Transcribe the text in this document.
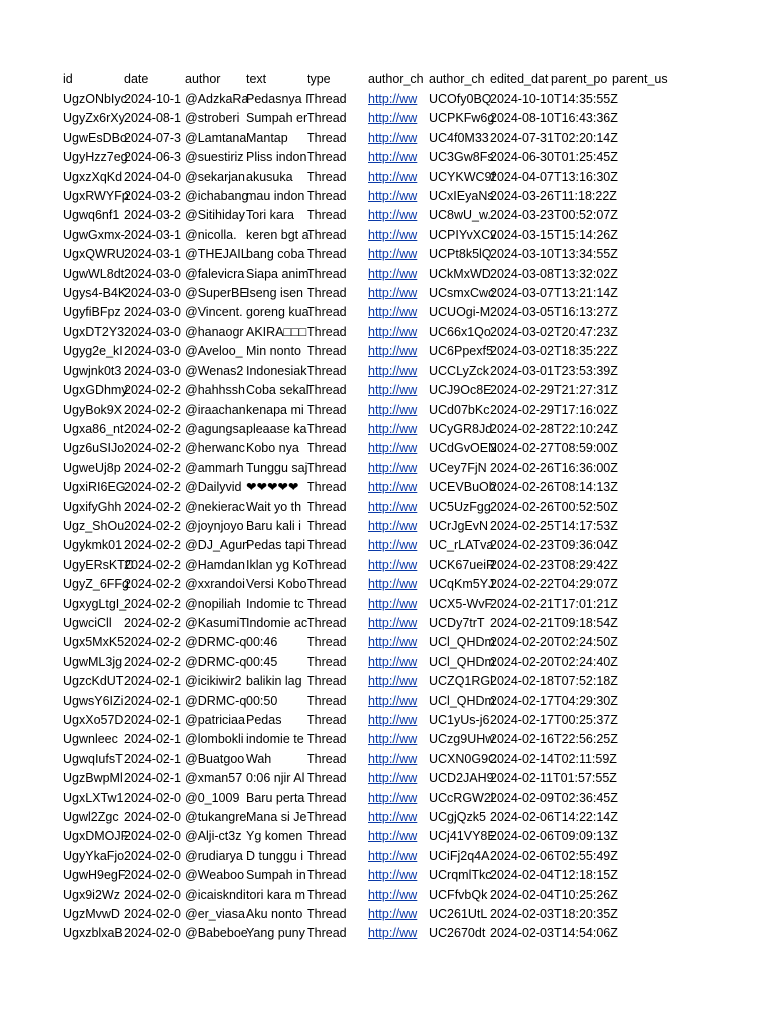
id	date	author	text	type	author_ch	author_ch	edited_dat	parent_po	parent_us
UgzONbIyc	2024-10-1	@AdzkaRa	Pedasnya I	Thread	http://ww	UCOfy0BQ	2024-10-10T14:35:55Z		
UgyZx6rXy	2024-08-1	@stroberi	Sumpah er	Thread	http://ww	UCPKFw6g	2024-08-10T16:43:36Z		
UgwEsDBo	2024-07-3	@Lamtana	Mantap	Thread	http://ww	UC4f0M33	2024-07-31T02:20:14Z		
UgyHzz7eg	2024-06-3	@suestiriz	Pliss indon	Thread	http://ww	UC3Gw8Fs	2024-06-30T01:25:45Z		
UgxzXqKd	2024-04-0	@sekarjan	akusuka	Thread	http://ww	UCYKWC9f	2024-04-07T13:16:30Z		
UgxRWYFp	2024-03-2	@ichabang	mau indon	Thread	http://ww	UCxIEyaNs	2024-03-26T11:18:22Z		
Ugwq6nf1	2024-03-2	@Sitihiday	Tori kara	Thread	http://ww	UC8wU_w.	2024-03-23T00:52:07Z		
UgwGxmx-	2024-03-1	@nicolla.	keren bgt a	Thread	http://ww	UCPIYvXCv	2024-03-15T15:14:26Z		
UgxQWRU	2024-03-1	@THEJAIL	bang coba	Thread	http://ww	UCPt8k5lQ	2024-03-10T13:34:55Z		
UgwWL8dt	2024-03-0	@falevicra	Siapa anim	Thread	http://ww	UCkMxWD	2024-03-08T13:32:02Z		
Ugys4-B4K	2024-03-0	@SuperBE	Iseng isen	Thread	http://ww	UCsmxCwc	2024-03-07T13:21:14Z		
UgyfiBFpz	2024-03-0	@Vincent.	goreng kua	Thread	http://ww	UCUOgi-M	2024-03-05T16:13:27Z		
UgxDT2Y3	2024-03-0	@hanaogr	AKIRA□□□	Thread	http://ww	UC66x1Qo	2024-03-02T20:47:23Z		
Ugyg2e_kI	2024-03-0	@Aveloo_	Min nonto	Thread	http://ww	UC6Ppexf5	2024-03-02T18:35:22Z		
Ugwjnk0t3	2024-03-0	@Wenas2	Indonesiak	Thread	http://ww	UCCLyZck	2024-03-01T23:53:39Z		
UgxGDhmy	2024-02-2	@hahhssh	Coba sekal	Thread	http://ww	UCJ9Oc8E	2024-02-29T21:27:31Z		
UgyBok9X	2024-02-2	@iraachan	kenapa mi	Thread	http://ww	UCd07bKc	2024-02-29T17:16:02Z		
Ugxa86_nt	2024-02-2	@agungsa	pleaase ka	Thread	http://ww	UCyGR8Jd	2024-02-28T22:10:24Z		
Ugz6uSIJo	2024-02-2	@herwanc	Kobo nya	Thread	http://ww	UCdGvOEN	2024-02-27T08:59:00Z		
UgweUj8p	2024-02-2	@ammarh	Tunggu saj	Thread	http://ww	UCey7FjN	2024-02-26T16:36:00Z		
UgxiRI6EG	2024-02-2	@Dailyvid	❤❤❤❤❤	Thread	http://ww	UCEVBuOh	2024-02-26T08:14:13Z		
UgxifyGhh	2024-02-2	@nekierac	Wait yo th	Thread	http://ww	UC5UzFgg	2024-02-26T00:52:50Z		
Ugz_ShOu	2024-02-2	@joynjoyo	Baru kali i	Thread	http://ww	UCrJgEvN	2024-02-25T14:17:53Z		
Ugykmk01	2024-02-2	@DJ_Agun	Pedas tapi	Thread	http://ww	UC_rLATva	2024-02-23T09:36:04Z		
UgyERsKTC	2024-02-2	@Hamdan	Iklan yg Ko	Thread	http://ww	UCK67ueiR	2024-02-23T08:29:42Z		
UgyZ_6FFg	2024-02-2	@xxrandoi	Versi Kobo	Thread	http://ww	UCqKm5YJ	2024-02-22T04:29:07Z		
UgxygLtgI_	2024-02-2	@nopiliah	Indomie tc	Thread	http://ww	UCX5-WvF	2024-02-21T17:01:21Z		
UgwciCll	2024-02-2	@KasumiT	Indomie ac	Thread	http://ww	UCDy7trT	2024-02-21T09:18:54Z		
Ugx5MxK5	2024-02-2	@DRMC-q	00:46	Thread	http://ww	UCl_QHDm	2024-02-20T02:24:50Z		
UgwML3jg	2024-02-2	@DRMC-q	00:45	Thread	http://ww	UCl_QHDm	2024-02-20T02:24:40Z		
UgzcKdUT	2024-02-1	@icikiwir2	balikin lag	Thread	http://ww	UCZQ1RGl	2024-02-18T07:52:18Z		
UgwsY6IZi	2024-02-1	@DRMC-q	00:50	Thread	http://ww	UCl_QHDm	2024-02-17T04:29:30Z		
UgxXo57D	2024-02-1	@patriciaa	Pedas	Thread	http://ww	UC1yUs-j6	2024-02-17T00:25:37Z		
Ugwnleec	2024-02-1	@lombokli	indomie te	Thread	http://ww	UCzg9UHw	2024-02-16T22:56:25Z		
UgwqIufsT	2024-02-1	@Buatgoo	Wah	Thread	http://ww	UCXN0G9C	2024-02-14T02:11:59Z		
UgzBwpMl	2024-02-1	@xman57	0:06 njir Al	Thread	http://ww	UCD2JAH9	2024-02-11T01:57:55Z		
UgxLXTw1	2024-02-0	@0_1009	Baru perta	Thread	http://ww	UCcRGW2l	2024-02-09T02:36:45Z		
Ugwl2Zgc	2024-02-0	@tukangre	Mana si Je	Thread	http://ww	UCgjQzk5	2024-02-06T14:22:14Z		
UgxDMOJF	2024-02-0	@Alji-ct3z	Yg komen	Thread	http://ww	UCj41VY8E	2024-02-06T09:09:13Z		
UgyYkaFjo	2024-02-0	@rudiarya	D tunggu i	Thread	http://ww	UCiFj2q4A	2024-02-06T02:55:49Z		
UgwH9egF	2024-02-0	@Weaboo	Sumpah in	Thread	http://ww	UCrqmlTkc	2024-02-04T12:18:15Z		
Ugx9i2Wz	2024-02-0	@icaiskndi	tori kara m	Thread	http://ww	UCFfvbQk	2024-02-04T10:25:26Z		
UgzMvwD	2024-02-0	@er_viasa	Aku nonto	Thread	http://ww	UC261UtL	2024-02-03T18:20:35Z		
UgxzblxaB	2024-02-0	@Babeboe	Yang puny	Thread	http://ww	UC2670dt	2024-02-03T14:54:06Z		
